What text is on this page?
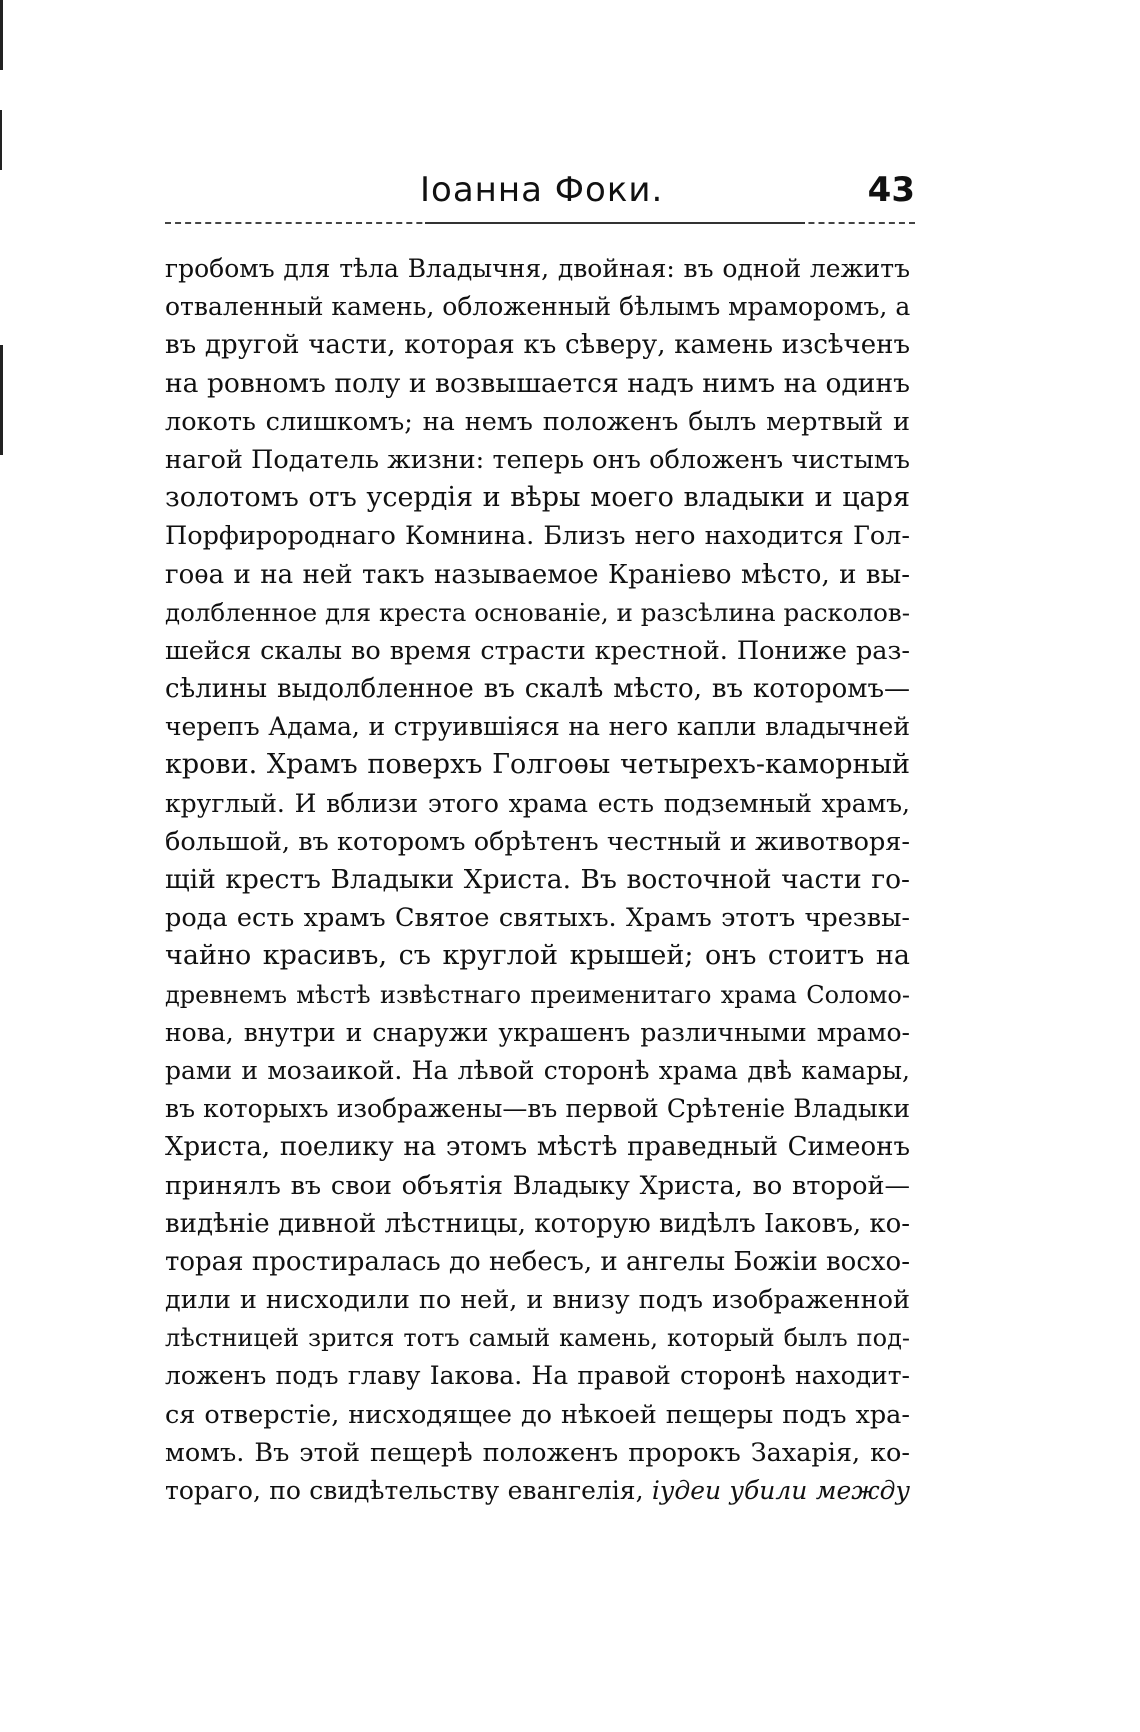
Іоанна Фоки.	43
гробомъ для тѣла Владычня, двойная: въ одной лежитъ
отваленный камень, обложенный бѣлымъ мраморомъ, а
въ другой части, которая къ сѣверу, камень изсѣченъ
на ровномъ полу и возвышается надъ нимъ на одинъ
локоть слишкомъ; на немъ положенъ былъ мертвый и
нагой Податель жизни: теперь онъ обложенъ чистымъ
золотомъ отъ усердія и вѣры моего владыки и царя
Порфиророднаго Комнина. Близъ него находится Гол-
гоѳа и на ней такъ называемое Краніево мѣсто, и вы-
долбленное для креста основаніе, и разсѣлина расколов-
шейся скалы во время страсти крестной. Пониже раз-
сѣлины выдолбленное въ скалѣ мѣсто, въ которомъ—
черепъ Адама, и струившіяся на него капли владычней
крови. Храмъ поверхъ Голгоѳы четырехъ-каморный
круглый. И вблизи этого храма есть подземный храмъ,
большой, въ которомъ обрѣтенъ честный и животворя-
щій крестъ Владыки Христа. Въ восточной части го-
рода есть храмъ Святое святыхъ. Храмъ этотъ чрезвы-
чайно красивъ, съ круглой крышей; онъ стоитъ на
древнемъ мѣстѣ извѣстнаго преименитаго храма Соломо-
нова, внутри и снаружи украшенъ различными мрамо-
рами и мозаикой. На лѣвой сторонѣ храма двѣ камары,
въ которыхъ изображены—въ первой Срѣтеніе Владыки
Христа, поелику на этомъ мѣстѣ праведный Симеонъ
принялъ въ свои объятія Владыку Христа, во второй—
видѣніе дивной лѣстницы, которую видѣлъ Іаковъ, ко-
торая простиралась до небесъ, и ангелы Божіи восхо-
дили и нисходили по ней, и внизу подъ изображенной
лѣстницей зрится тотъ самый камень, который былъ под-
ложенъ подъ главу Іакова. На правой сторонѣ находит-
ся отверстіе, нисходящее до нѣкоей пещеры подъ хра-
момъ. Въ этой пещерѣ положенъ пророкъ Захарія, ко-
тораго, по свидѣтельству евангелія, іудеи убили между
